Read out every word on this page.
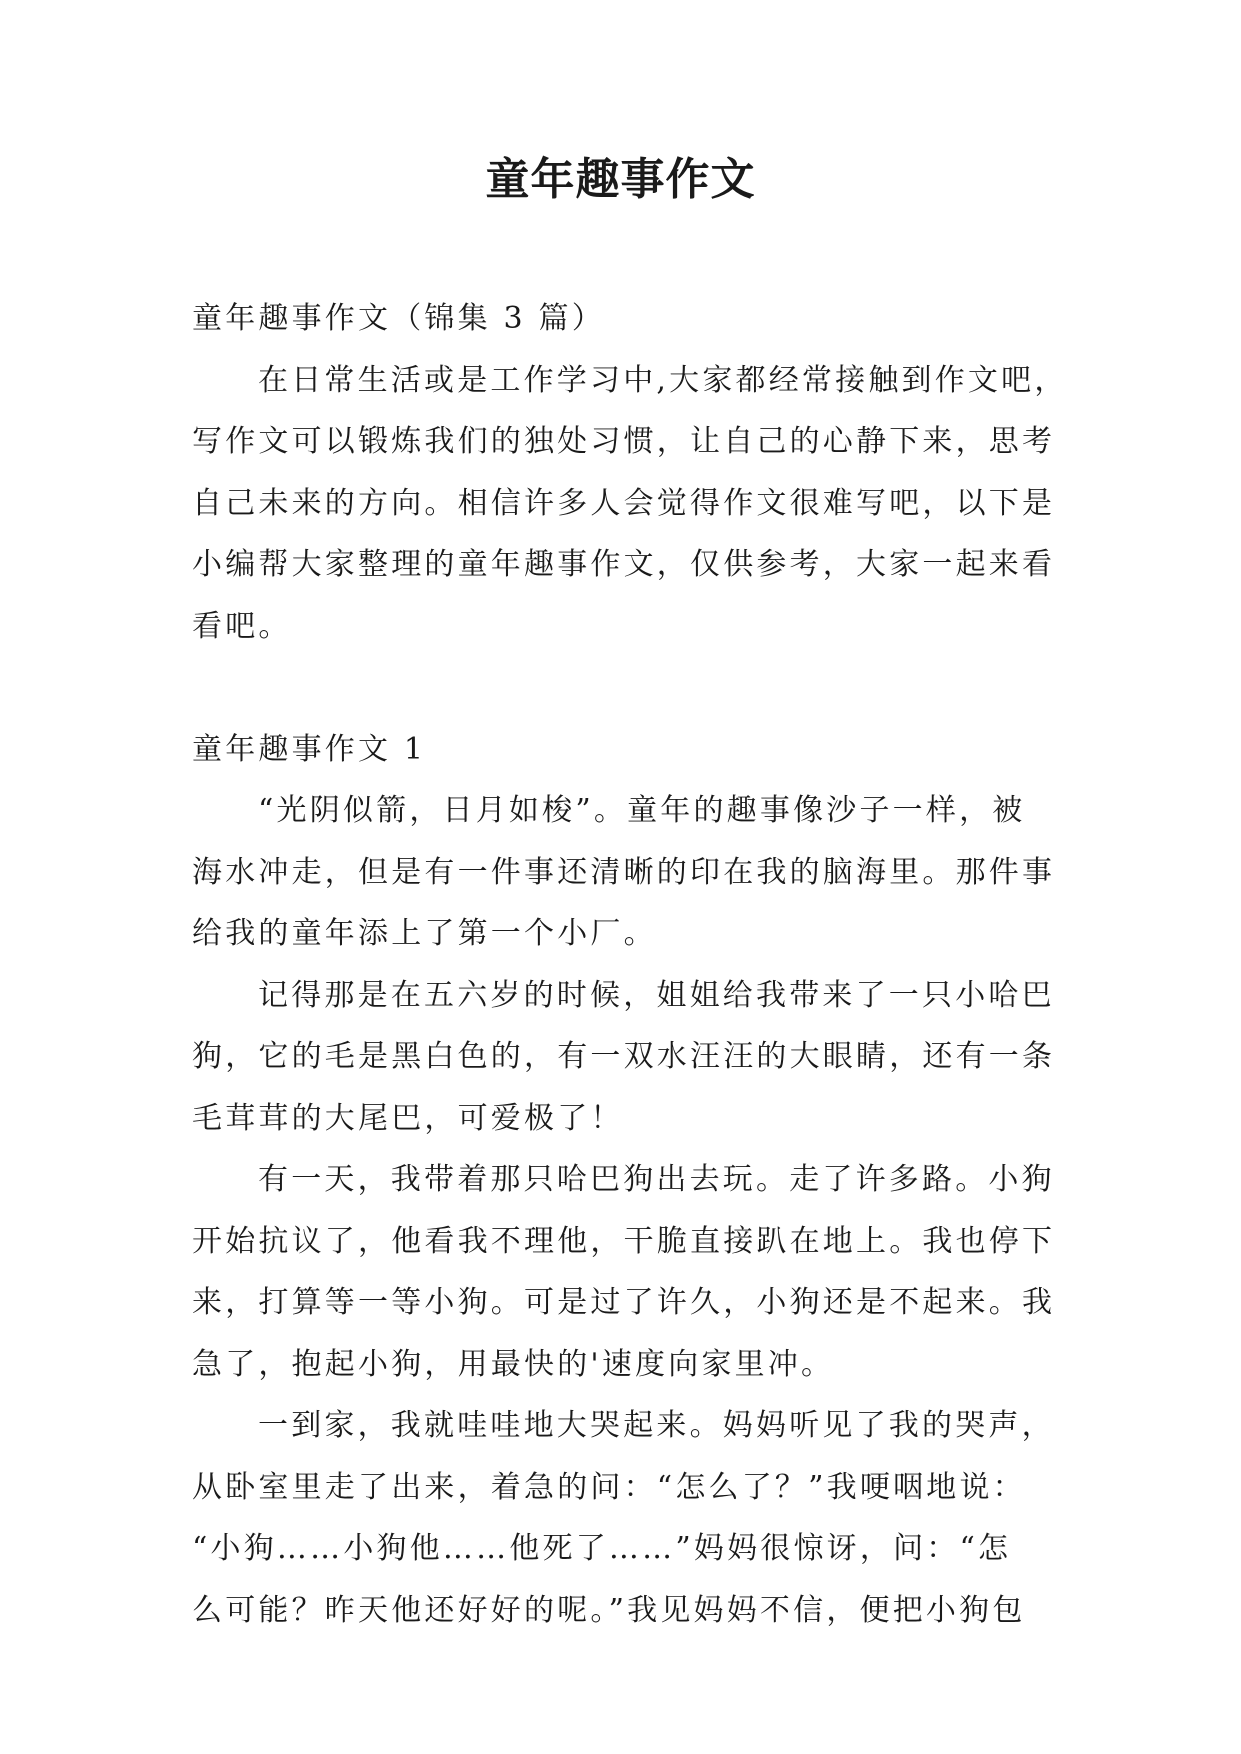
童年趣事作文

童年趣事作文（锦集 3 篇）

在日常生活或是工作学习中,大家都经常接触到作文吧，

写作文可以锻炼我们的独处习惯，让自己的心静下来，思考

自己未来的方向。相信许多人会觉得作文很难写吧，以下是

小编帮大家整理的童年趣事作文，仅供参考，大家一起来看

看吧。

童年趣事作文 1

“光阴似箭，日月如梭”。童年的趣事像沙子一样，被

海水冲走，但是有一件事还清晰的印在我的脑海里。那件事

给我的童年添上了第一个小厂。

记得那是在五六岁的时候，姐姐给我带来了一只小哈巴

狗，它的毛是黑白色的，有一双水汪汪的大眼睛，还有一条

毛茸茸的大尾巴，可爱极了！

有一天，我带着那只哈巴狗出去玩。走了许多路。小狗

开始抗议了，他看我不理他，干脆直接趴在地上。我也停下

来，打算等一等小狗。可是过了许久，小狗还是不起来。我

急了，抱起小狗，用最快的'速度向家里冲。

一到家，我就哇哇地大哭起来。妈妈听见了我的哭声，

从卧室里走了出来，着急的问：“怎么了？”我哽咽地说：

“小狗……小狗他……他死了……”妈妈很惊讶，问：“怎

么可能？昨天他还好好的呢。”我见妈妈不信，便把小狗包
